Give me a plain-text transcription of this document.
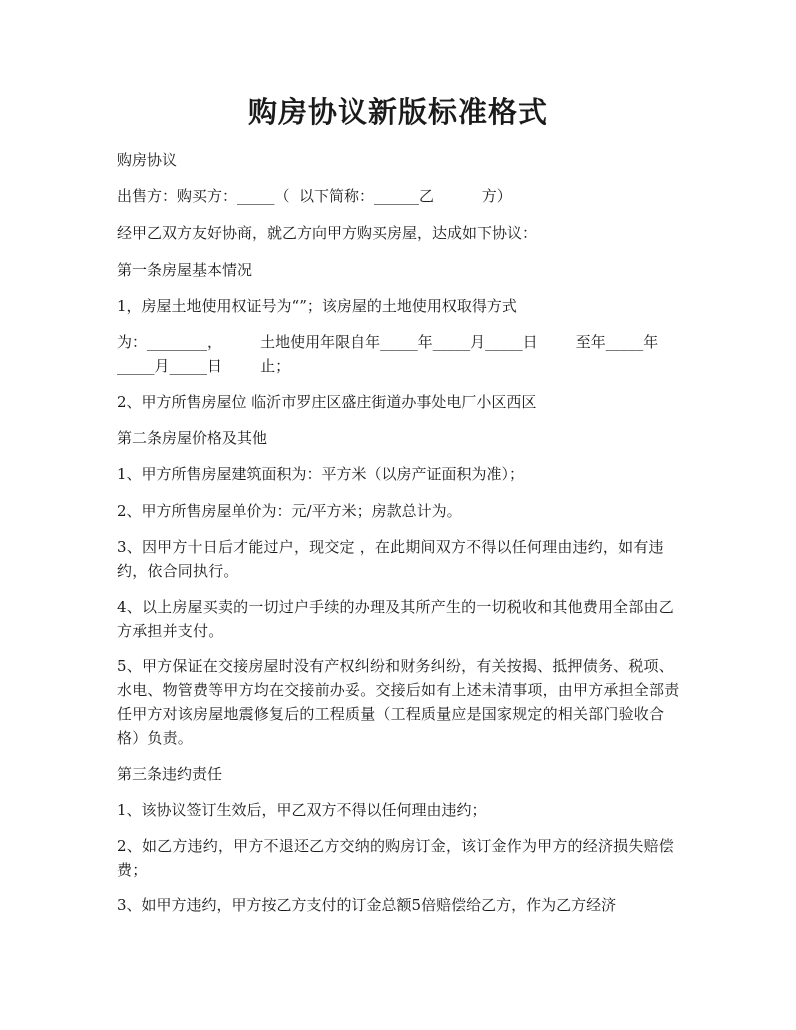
购房协议新版标准格式
购房协议
出售方：购买方：_____（  以下简称：______乙          方）
经甲乙双方友好协商，就乙方向甲方购买房屋，达成如下协议：
第一条房屋基本情况
1，房屋土地使用权证号为“”；该房屋的土地使用权取得方式
为：________，        土地使用年限自年_____年_____月_____日        至年_____年
_____月_____日        止；
2、甲方所售房屋位 临沂市罗庄区盛庄街道办事处电厂小区西区
第二条房屋价格及其他
1、甲方所售房屋建筑面积为：平方米（以房产证面积为准）；
2、甲方所售房屋单价为：元/平方米；房款总计为。
3、因甲方十日后才能过户，现交定 ，在此期间双方不得以任何理由违约，如有违约，依合同执行。
4、以上房屋买卖的一切过户手续的办理及其所产生的一切税收和其他费用全部由乙方承担并支付。
5、甲方保证在交接房屋时没有产权纠纷和财务纠纷，有关按揭、抵押债务、税项、水电、物管费等甲方均在交接前办妥。交接后如有上述未清事项，由甲方承担全部责任甲方对该房屋地震修复后的工程质量（工程质量应是国家规定的相关部门验收合格）负责。
第三条违约责任
1、该协议签订生效后，甲乙双方不得以任何理由违约；
2、如乙方违约，甲方不退还乙方交纳的购房订金，该订金作为甲方的经济损失赔偿费；
3、如甲方违约，甲方按乙方支付的订金总额5倍赔偿给乙方，作为乙方经济
